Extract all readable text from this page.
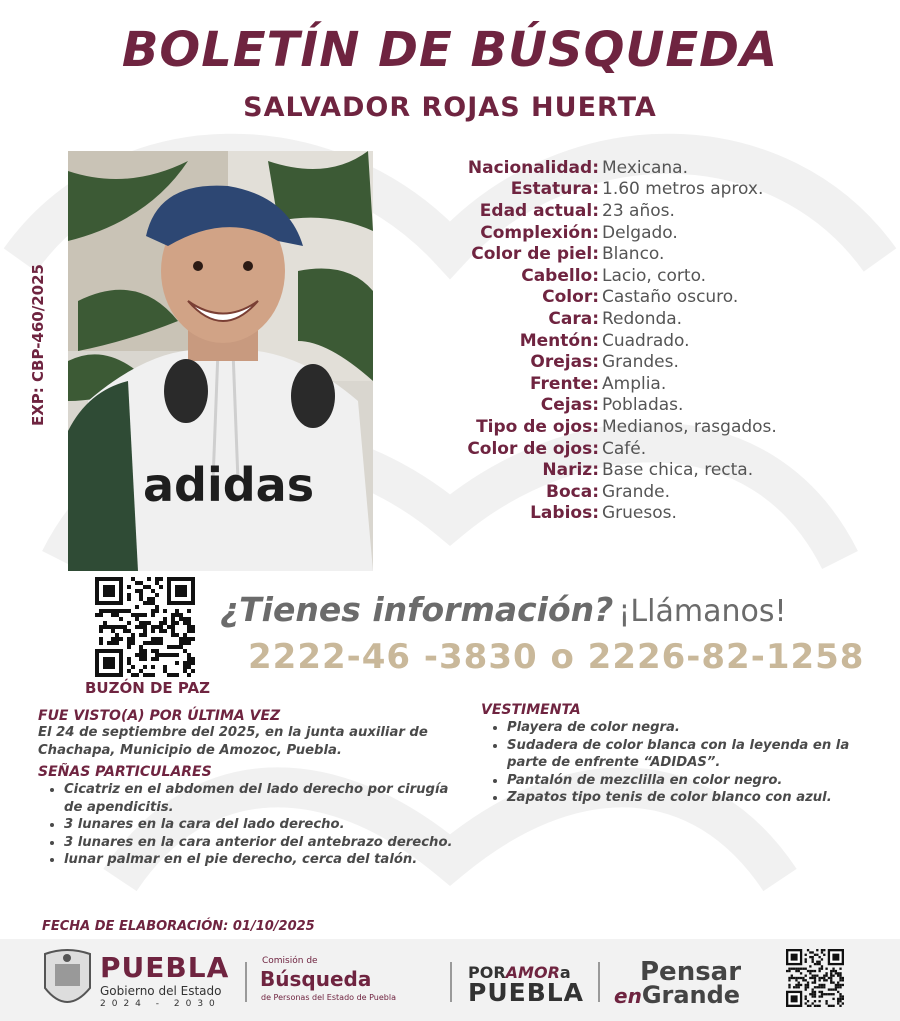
BOLETÍN DE BÚSQUEDA
SALVADOR ROJAS HUERTA
EXP: CBP-460/2025
adidas
Nacionalidad: Mexicana.
Estatura: 1.60 metros aprox.
Edad actual: 23 años.
Complexión: Delgado.
Color de piel: Blanco.
Cabello: Lacio, corto.
Color: Castaño oscuro.
Cara: Redonda.
Mentón: Cuadrado.
Orejas: Grandes.
Frente: Amplia.
Cejas: Pobladas.
Tipo de ojos: Medianos, rasgados.
Color de ojos: Café.
Nariz: Base chica, recta.
Boca: Grande.
Labios: Gruesos.
BUZÓN DE PAZ
¿Tienes información? ¡Llámanos!
2222-46 -3830 o 2226-82-1258

FUE VISTO(A) POR ÚLTIMA VEZ

El 24 de septiembre del 2025, en la junta auxiliar de Chachapa, Municipio de Amozoc, Puebla.

SEÑAS PARTICULARES

• Cicatriz en el abdomen del lado derecho por cirugía de apendicitis.
• 3 lunares en la cara del lado derecho.
• 3 lunares en la cara anterior del antebrazo derecho.
• lunar palmar en el pie derecho, cerca del talón.

VESTIMENTA

• Playera de color negra.
• Sudadera de color blanca con la leyenda en la parte de enfrente “ADIDAS”.
• Pantalón de mezclilla en color negro.
• Zapatos tipo tenis de color blanco con azul.
FECHA DE ELABORACIÓN: 01/10/2025
PUEBLA
Gobierno del Estado
2024 - 2030
Comisión de
Búsqueda
de Personas del Estado de Puebla
PORAMORa
PUEBLA
Pensar
enGrande
